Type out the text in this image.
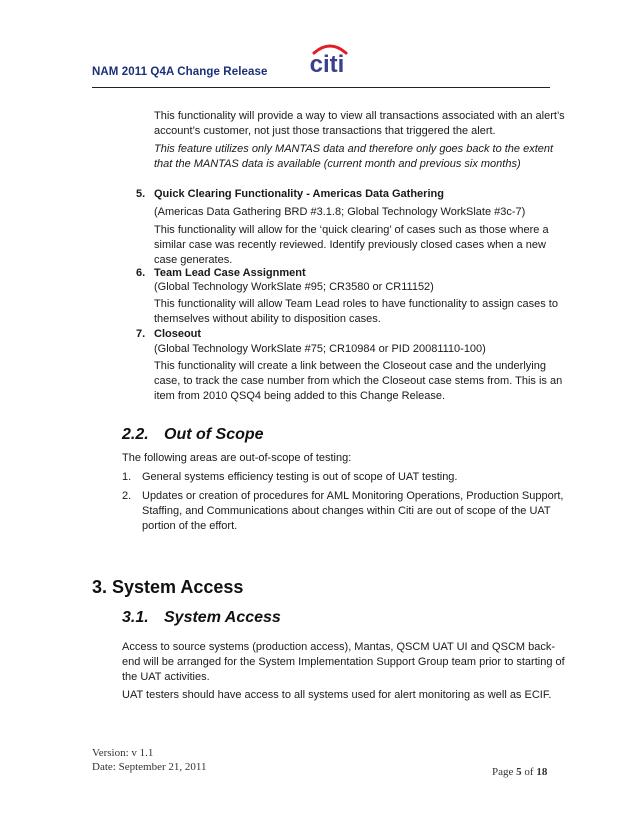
NAM 2011 Q4A Change Release citi
This functionality will provide a way to view all transactions associated with an alert’s
account’s customer, not just those transactions that triggered the alert.
This feature utilizes only MANTAS data and therefore only goes back to the extent
that the MANTAS data is available (current month and previous six months)
5. Quick Clearing Functionality - Americas Data Gathering
(Americas Data Gathering BRD #3.1.8; Global Technology WorkSlate #3c-7)
This functionality will allow for the ‘quick clearing’ of cases such as those where a
similar case was recently reviewed. Identify previously closed cases when a new
case generates.
6. Team Lead Case Assignment
(Global Technology WorkSlate #95; CR3580 or CR11152)
This functionality will allow Team Lead roles to have functionality to assign cases to
themselves without ability to disposition cases.
7. Closeout
(Global Technology WorkSlate #75; CR10984 or PID 20081110-100)
This functionality will create a link between the Closeout case and the underlying
case, to track the case number from which the Closeout case stems from. This is an
item from 2010 QSQ4 being added to this Change Release.
2.2. Out of Scope
The following areas are out-of-scope of testing:
1. General systems efficiency testing is out of scope of UAT testing.
2. Updates or creation of procedures for AML Monitoring Operations, Production Support,
Staffing, and Communications about changes within Citi are out of scope of the UAT
portion of the effort.
3. System Access
3.1. System Access
Access to source systems (production access), Mantas, QSCM UAT UI and QSCM back-
end will be arranged for the System Implementation Support Group team prior to starting of
the UAT activities.
UAT testers should have access to all systems used for alert monitoring as well as ECIF.
Version: v 1.1
Date: September 21, 2011	Page 5 of 18
